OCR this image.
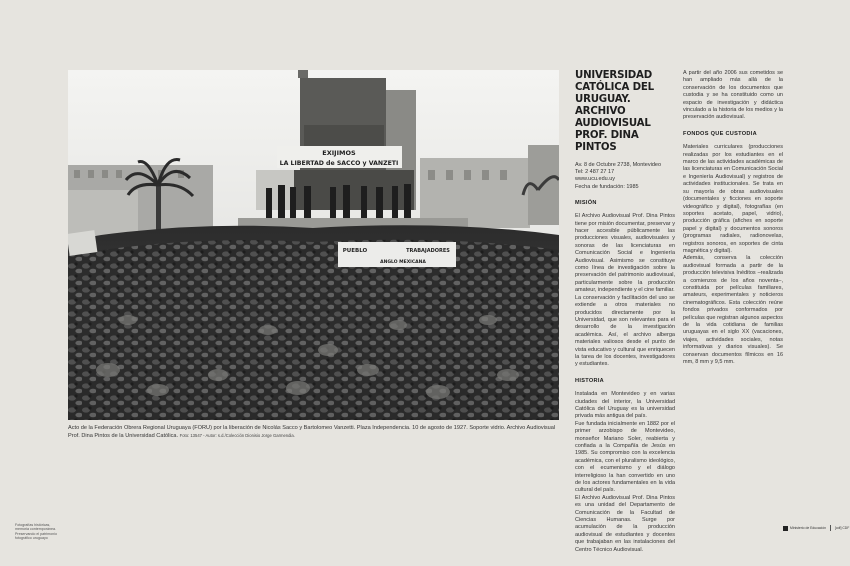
EXIJIMOS
LA LIBERTAD de SACCO y VANZETI
PUEBLO	TRABAJADORES
ANGLO MEXICANA
Acto de la Federación Obrera Regional Uruguaya (FORU) por la liberación de Nicolás Sacco y Bartolomeo Vanzetti. Plaza Independencia. 10 de agosto de 1927. Soporte vidrio. Archivo Audiovisual Prof. Dina Pintos de la Universidad Católica. Foto: 13547 - Autor: s.d./Colección Dionisio Jorge Garmendia.
UNIVERSIDAD CATÓLICA DEL URUGUAY. ARCHIVO AUDIOVISUAL PROF. DINA PINTOS
Av. 8 de Octubre 2738, Montevideo
Tel: 2 487 27 17
www.ucu.edu.uy
Fecha de fundación: 1985
MISIÓN

El Archivo Audiovisual Prof. Dina Pintos tiene por misión documentar, preservar y hacer accesible públicamente las producciones visuales, audiovisuales y sonoras de las licenciaturas en Comunicación Social e Ingeniería Audiovisual. Asimismo se constituye como línea de investigación sobre la preservación del patrimonio audiovisual, particularmente sobre la producción amateur, independiente y el cine familiar.

La conservación y facilitación del uso se extiende a otros materiales no producidos directamente por la Universidad, que son relevantes para el desarrollo de la investigación académica. Así, el archivo alberga materiales valiosos desde el punto de vista educativo y cultural que enriquecen la tarea de los docentes, investigadores y estudiantes.

HISTORIA

Instalada en Montevideo y en varias ciudades del interior, la Universidad Católica del Uruguay es la universidad privada más antigua del país.

Fue fundada inicialmente en 1882 por el primer arzobispo de Montevideo, monseñor Mariano Soler, reabierta y confiada a la Compañía de Jesús en 1985. Su compromiso con la excelencia académica, con el pluralismo ideológico, con el ecumenismo y el diálogo interreligioso la han convertido en uno de los actores fundamentales en la vida cultural del país.

El Archivo Audiovisual Prof. Dina Pintos es una unidad del Departamento de Comunicación de la Facultad de Ciencias Humanas. Surge por acumulación de la producción audiovisual de estudiantes y docentes que trabajaban en las instalaciones del Centro Técnico Audiovisual.

A partir del año 2006 sus cometidos se han ampliado más allá de la conservación de los documentos que custodia y se ha constituido como un espacio de investigación y didáctica vinculado a la historia de los medios y la preservación audiovisual.

FONDOS QUE CUSTODIA

Materiales curriculares (producciones realizadas por los estudiantes en el marco de las actividades académicas de las licenciaturas en Comunicación Social e Ingeniería Audiovisual) y registros de actividades institucionales. Se trata en su mayoría de obras audiovisuales (documentales y ficciones en soporte videográfico y digital), fotografías (en soportes acetato, papel, vidrio), producción gráfica (afiches en soporte papel y digital) y documentos sonoros (programas radiales, radionovelas, registros sonoros, en soportes de cinta magnética y digital).

Además, conserva la colección audiovisual formada a partir de la producción televisiva Inéditos –realizada a comienzos de los años noventa–, constituida por películas familiares, amateurs, experimentales y noticieros cinematográficos. Esta colección reúne fondos privados conformados por películas que registran algunos aspectos de la vida cotidiana de familias uruguayas en el siglo XX (vacaciones, viajes, actividades sociales, notas informativas y diarios visuales). Se conservan documentos fílmicos en 16 mm, 8 mm y 9,5 mm.

Fotografías históricas,
memoria contemporánea.
Preservando el patrimonio
fotográfico uruguayo
Ministerio de Educación	[cdf] CDF
